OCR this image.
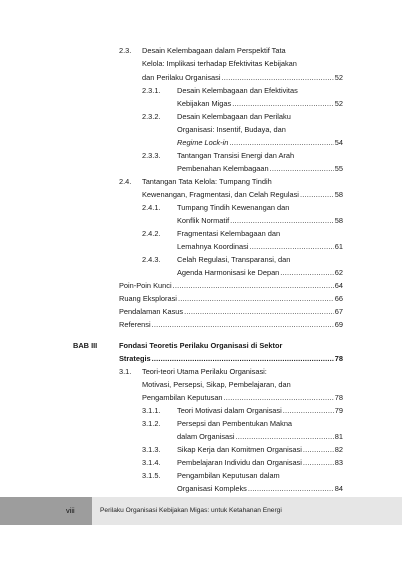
2.3. Desain Kelembagaan dalam Perspektif Tata
Kelola: Implikasi terhadap Efektivitas Kebijakan
dan Perilaku Organisasi .....	52
2.3.1. Desain Kelembagaan dan Efektivitas
Kebijakan Migas .....	52
2.3.2. Desain Kelembagaan dan Perilaku
Organisasi: Insentif, Budaya, dan
Regime Lock-in .....	54
2.3.3. Tantangan Transisi Energi dan Arah
Pembenahan Kelembagaan .....	55
2.4. Tantangan Tata Kelola: Tumpang Tindih
Kewenangan, Fragmentasi, dan Celah Regulasi .....	58
2.4.1. Tumpang Tindih Kewenangan dan
Konflik Normatif .....	58
2.4.2. Fragmentasi Kelembagaan dan
Lemahnya Koordinasi .....	61
2.4.3. Celah Regulasi, Transparansi, dan
Agenda Harmonisasi ke Depan .....	62
Poin-Poin Kunci .....	64
Ruang Eksplorasi .....	66
Pendalaman Kasus .....	67
Referensi .....	69
BAB III	Fondasi Teoretis Perilaku Organisasi di Sektor
Strategis .....	78
3.1. Teori-teori Utama Perilaku Organisasi:
Motivasi, Persepsi, Sikap, Pembelajaran, dan
Pengambilan Keputusan .....	78
3.1.1. Teori Motivasi dalam Organisasi .....	79
3.1.2. Persepsi dan Pembentukan Makna
dalam Organisasi .....	81
3.1.3. Sikap Kerja dan Komitmen Organisasi .....	82
3.1.4. Pembelajaran Individu dan Organisasi .....	83
3.1.5. Pengambilan Keputusan dalam
Organisasi Kompleks .....	84
viii	Perilaku Organisasi Kebijakan Migas: untuk Ketahanan Energi
